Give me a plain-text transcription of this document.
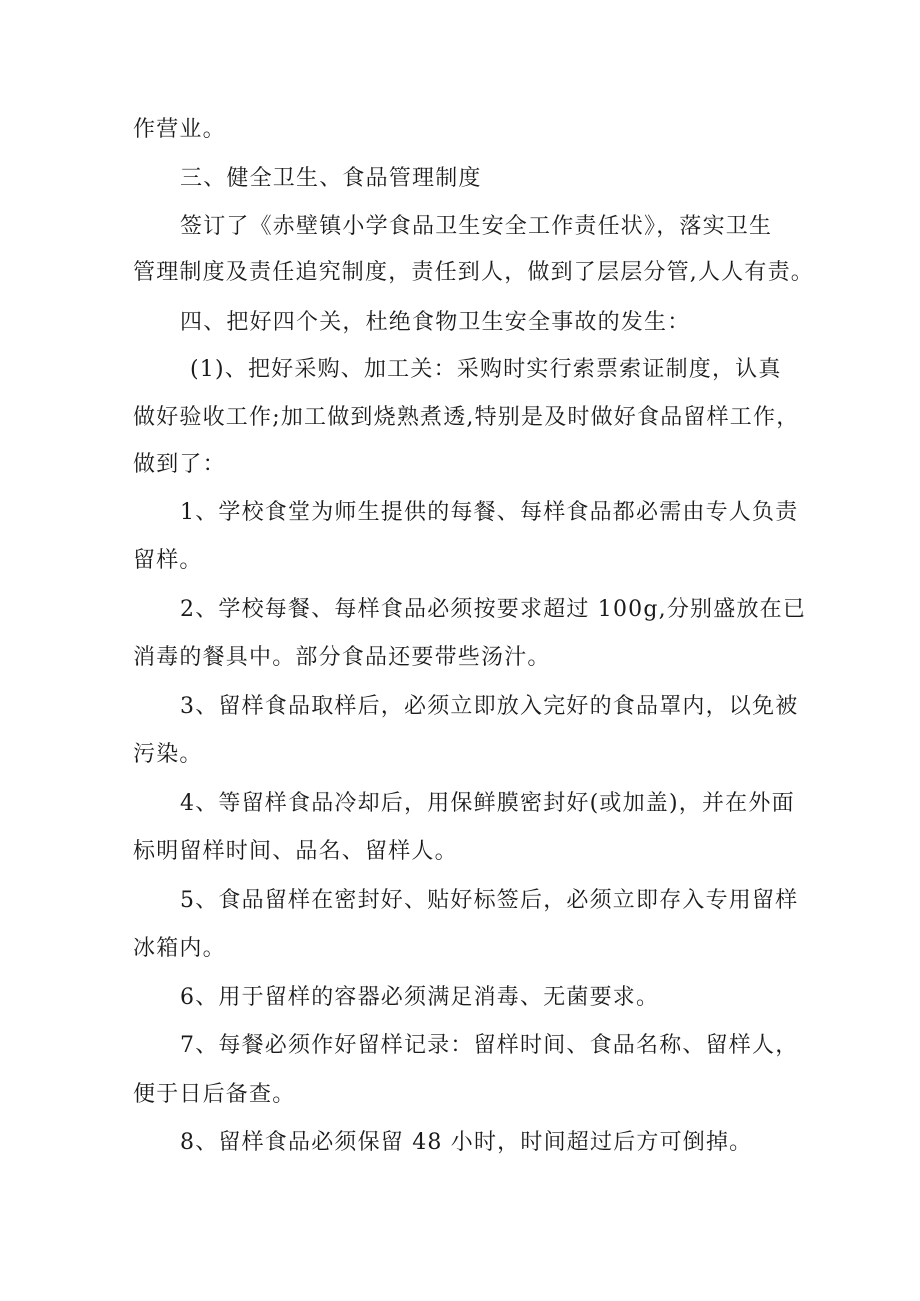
作营业。
三、健全卫生、食品管理制度
签订了《赤壁镇小学食品卫生安全工作责任状》，落实卫生
管理制度及责任追究制度，责任到人，做到了层层分管,人人有责。
四、把好四个关，杜绝食物卫生安全事故的发生：
(1)、把好采购、加工关：采购时实行索票索证制度，认真
做好验收工作;加工做到烧熟煮透,特别是及时做好食品留样工作，
做到了：
1、学校食堂为师生提供的每餐、每样食品都必需由专人负责
留样。
2、学校每餐、每样食品必须按要求超过 100g,分别盛放在已
消毒的餐具中。部分食品还要带些汤汁。
3、留样食品取样后，必须立即放入完好的食品罩内，以免被
污染。
4、等留样食品冷却后，用保鲜膜密封好(或加盖)，并在外面
标明留样时间、品名、留样人。
5、食品留样在密封好、贴好标签后，必须立即存入专用留样
冰箱内。
6、用于留样的容器必须满足消毒、无菌要求。
7、每餐必须作好留样记录：留样时间、食品名称、留样人，
便于日后备查。
8、留样食品必须保留 48 小时，时间超过后方可倒掉。
